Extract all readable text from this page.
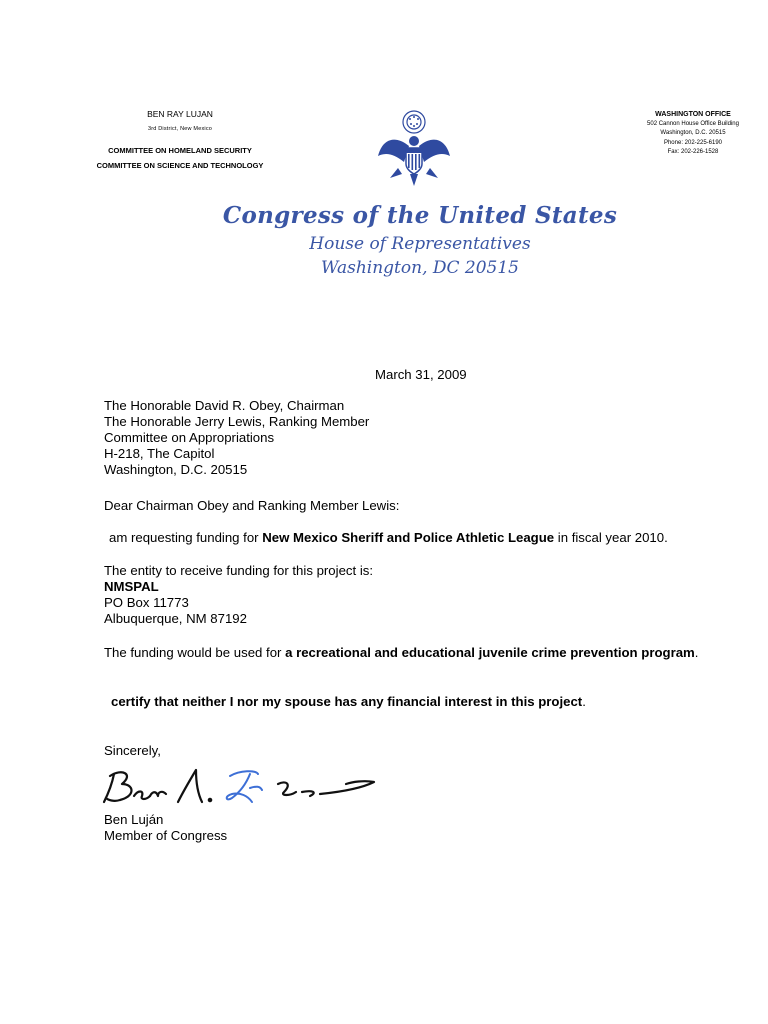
BEN RAY LUJAN
3rd District, New Mexico
COMMITTEE ON HOMELAND SECURITY
COMMITTEE ON SCIENCE AND TECHNOLOGY
WASHINGTON OFFICE
502 Cannon House Office Building
Washington, D.C. 20515
Phone: 202-225-6190
Fax: 202-226-1528
Congress of the United States
House of Representatives
Washington, DC 20515
March 31, 2009
The Honorable David R. Obey, Chairman
The Honorable Jerry Lewis, Ranking Member
Committee on Appropriations
H-218, The Capitol
Washington, D.C. 20515
Dear Chairman Obey and Ranking Member Lewis:
am requesting funding for New Mexico Sheriff and Police Athletic League in fiscal year 2010.
The entity to receive funding for this project is:
NMSPAL
PO Box 11773
Albuquerque, NM 87192
The funding would be used for a recreational and educational juvenile crime prevention program.
certify that neither I nor my spouse has any financial interest in this project.
Sincerely,
Ben Luján
Member of Congress
